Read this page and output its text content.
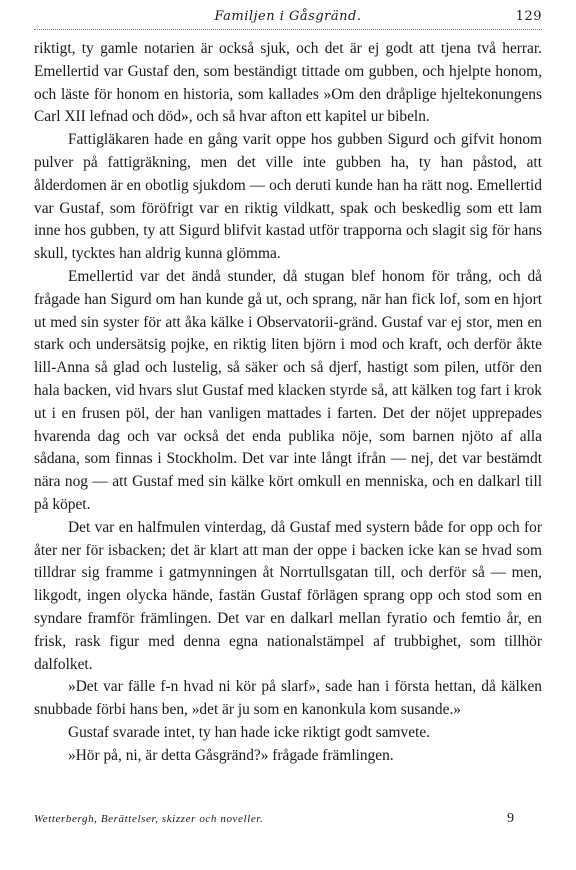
Familjen i Gåsgränd.	129

riktigt, ty gamle notarien är också sjuk, och det är ej godt att tjena två herrar. Emellertid var Gustaf den, som beständigt tittade om gubben, och hjelpte honom, och läste för honom en historia, som kallades »Om den dråplige hjeltekonungens Carl XII lefnad och död», och så hvar afton ett kapitel ur bibeln.

Fattigläkaren hade en gång varit oppe hos gubben Sigurd och gifvit honom pulver på fattigräkning, men det ville inte gubben ha, ty han påstod, att ålderdomen är en obotlig sjukdom — och deruti kunde han ha rätt nog. Emellertid var Gustaf, som föröfrigt var en riktig vildkatt, spak och beskedlig som ett lam inne hos gubben, ty att Sigurd blifvit kastad utför trapporna och slagit sig för hans skull, tycktes han aldrig kunna glömma.

Emellertid var det ändå stunder, då stugan blef honom för trång, och då frågade han Sigurd om han kunde gå ut, och sprang, när han fick lof, som en hjort ut med sin syster för att åka kälke i Observatorii-gränd. Gustaf var ej stor, men en stark och undersätsig pojke, en riktig liten björn i mod och kraft, och derför åkte lill-Anna så glad och lustelig, så säker och så djerf, hastigt som pilen, utför den hala backen, vid hvars slut Gustaf med klacken styrde så, att kälken tog fart i krok ut i en frusen pöl, der han vanligen mattades i farten. Det der nöjet upprepades hvarenda dag och var också det enda publika nöje, som barnen njöto af alla sådana, som finnas i Stockholm. Det var inte långt ifrån — nej, det var bestämdt nära nog — att Gustaf med sin kälke kört omkull en menniska, och en dalkarl till på köpet.

Det var en halfmulen vinterdag, då Gustaf med systern både for opp och for åter ner för isbacken; det är klart att man der oppe i backen icke kan se hvad som tilldrar sig framme i gatmynningen åt Norrtullsgatan till, och derför så — men, likgodt, ingen olycka hände, fastän Gustaf förlägen sprang opp och stod som en syndare framför främlingen. Det var en dalkarl mellan fyratio och femtio år, en frisk, rask figur med denna egna nationalstämpel af trubbighet, som tillhör dalfolket.

»Det var fälle f-n hvad ni kör på slarf», sade han i första hettan, då kälken snubbade förbi hans ben, »det är ju som en kanonkula kom susande.»

Gustaf svarade intet, ty han hade icke riktigt godt samvete.

»Hör på, ni, är detta Gåsgränd?» frågade främlingen.

Wetterbergh, Berättelser, skizzer och noveller.	9
